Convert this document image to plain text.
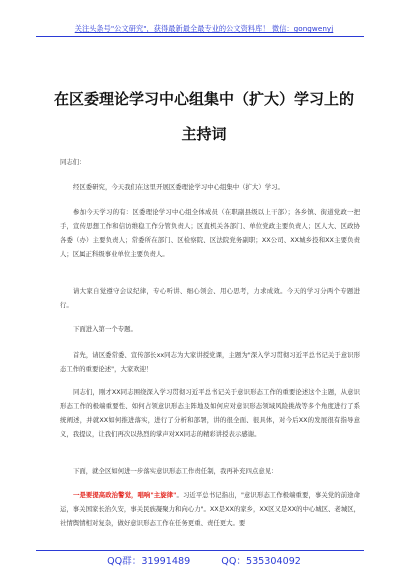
关注头条号"公文研究"，获得最新最全最专业的公文资料库！ 微信：gongwenyj
在区委理论学习中心组集中（扩大）学习上的
主持词

同志们：

经区委研究，今天我们在这里开展区委理论学习中心组集中（扩大）学习。

参加今天学习的有：区委理论学习中心组全体成员（在职副县级以上干部）；各乡镇、街道党政一把手，宣传思想工作和信访维稳工作分管负责人；区直机关各部门、单位党政主要负责人；区人大、区政协各委（办）主要负责人；常委所在部门、区检察院、区法院党务副职；XX公司、XX城乡投和XX主要负责人；区属正科级事业单位主要负责人。

请大家自觉遵守会议纪律，专心听讲、细心领会、用心思考，力求成效。今天的学习分两个专题进行。

下面进入第一个专题。

首先，请区委常委、宣传部长xx同志为大家讲授党课，主题为"深入学习贯彻习近平总书记关于意识形态工作的重要论述"，大家欢迎！

同志们，刚才XX同志围绕深入学习贯彻习近平总书记关于意识形态工作的重要论述这个主题，从意识形态工作的极端重要性、如何占领意识形态主阵地及如何应对意识形态领域风险挑战等多个角度进行了系统阐述，并就XX如何推进落实，进行了分析和部署，讲的很全面、很具体，对今后XX的发展很有指导意义，我提议，让我们再次以热烈的掌声对XX同志的精彩讲授表示感谢。

下面，就全区如何进一步落实意识形态工作责任制，我再补充四点意见：

一是要提高政治警觉，唱响"主旋律"。习近平总书记指出，"意识形态工作极端重要，事关党的前途命运，事关国家长治久安，事关民族凝聚力和向心力"。XX是XX的家乡，XX区又是XX的中心城区、老城区，社情舆情相对复杂，做好意识形态工作在任务更重、责任更大。要

QQ群：31991489	QQ：535304092
